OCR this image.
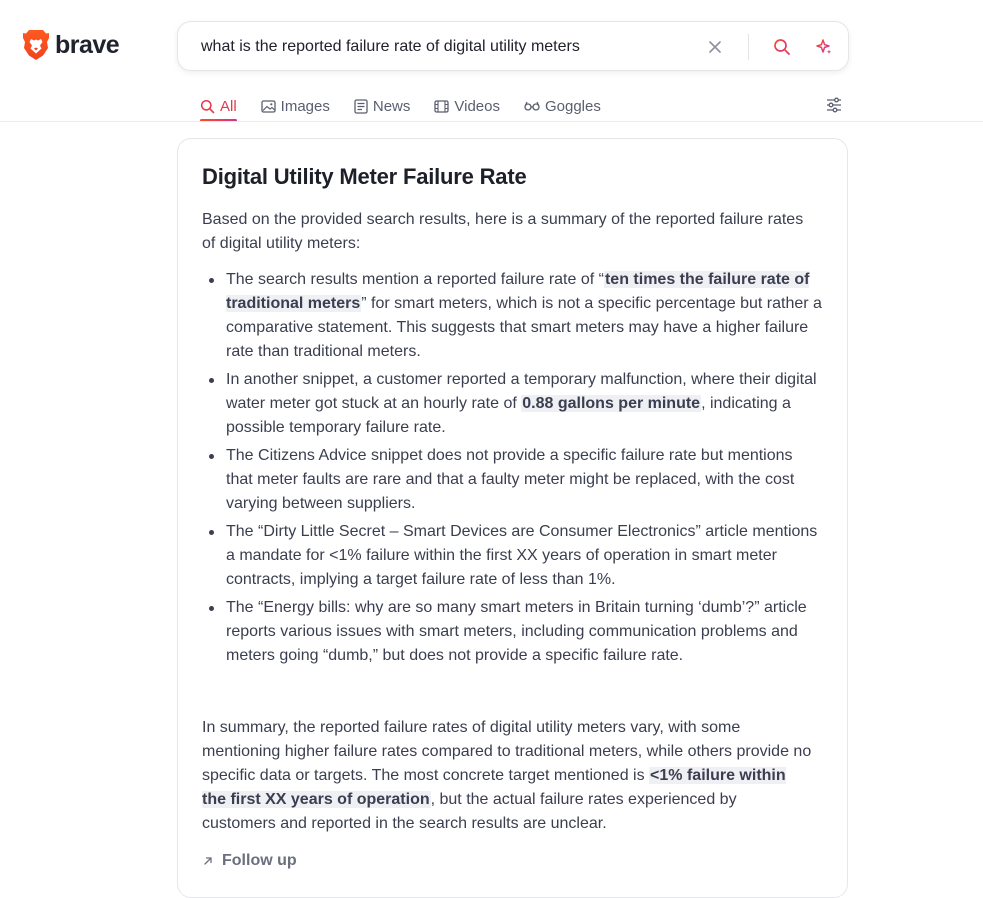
brave
what is the reported failure rate of digital utility meters
All	Images	News	Videos	Goggles
Digital Utility Meter Failure Rate

Based on the provided search results, here is a summary of the reported failure rates of digital utility meters:

The search results mention a reported failure rate of “ten times the failure rate of traditional meters” for smart meters, which is not a specific percentage but rather a comparative statement. This suggests that smart meters may have a higher failure rate than traditional meters.
In another snippet, a customer reported a temporary malfunction, where their digital water meter got stuck at an hourly rate of 0.88 gallons per minute, indicating a possible temporary failure rate.
The Citizens Advice snippet does not provide a specific failure rate but mentions that meter faults are rare and that a faulty meter might be replaced, with the cost varying between suppliers.
The “Dirty Little Secret – Smart Devices are Consumer Electronics” article mentions a mandate for <1% failure within the first XX years of operation in smart meter contracts, implying a target failure rate of less than 1%.
The “Energy bills: why are so many smart meters in Britain turning ‘dumb’?” article reports various issues with smart meters, including communication problems and meters going “dumb,” but does not provide a specific failure rate.

In summary, the reported failure rates of digital utility meters vary, with some mentioning higher failure rates compared to traditional meters, while others provide no specific data or targets. The most concrete target mentioned is <1% failure within the first XX years of operation, but the actual failure rates experienced by customers and reported in the search results are unclear.

Follow up
